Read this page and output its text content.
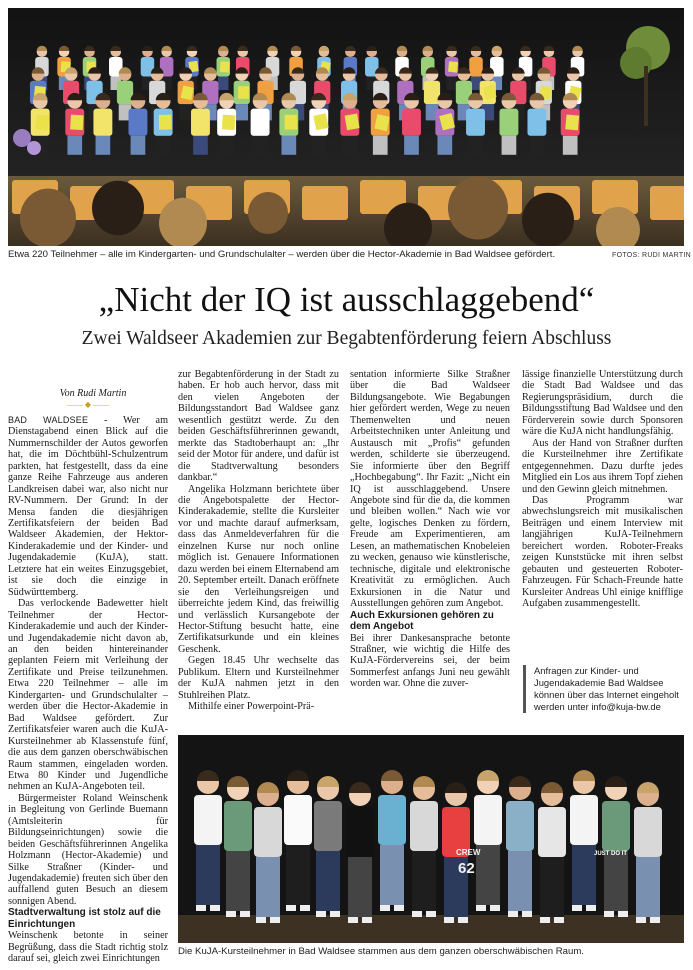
Etwa 220 Teilnehmer – alle im Kindergarten- und Grundschulalter – werden über die Hector-Akademie in Bad Waldsee gefördert.	FOTOS: RUDI MARTIN
„Nicht der IQ ist ausschlaggebend“
Zwei Waldseer Akademien zur Begabtenförderung feiern Abschluss

Von Rudi Martin

—— ◆ ——

BAD WALDSEE - Wer am Dienstagabend einen Blick auf die Nummernschilder der Autos geworfen hat, die im Döchtbühl-Schulzentrum parkten, hat festgestellt, dass da eine ganze Reihe Fahrzeuge aus anderen Landkreisen dabei war, also nicht nur RV-Nummern. Der Grund: In der Mensa fanden die diesjährigen Zertifikatsfeiern der beiden Bad Waldseer Akademien, der Hektor-Kinderakademie und der Kinder- und Jugendakademie (KuJA), statt. Letztere hat ein weites Einzugsgebiet, ist sie doch die einzige in Südwürttemberg.

Das verlockende Badewetter hielt Teilnehmer der Hector-Kinderakademie und auch der Kinder- und Jugendakademie nicht davon ab, an den beiden hintereinander geplanten Feiern mit Verleihung der Zertifikate und Preise teilzunehmen. Etwa 220 Teilnehmer – alle im Kindergarten- und Grundschulalter – werden über die Hector-Akademie in Bad Waldsee gefördert. Zur Zertifikatsfeier waren auch die KuJA-Kursteilnehmer ab Klassenstufe fünf, die aus dem ganzen oberschwäbischen Raum stammen, eingeladen worden. Etwa 80 Kinder und Jugendliche nehmen an KuJA-Angeboten teil.

Bürgermeister Roland Weinschenk in Begleitung von Gerlinde Buemann (Amtsleiterin für Bildungseinrichtungen) sowie die beiden Geschäftsführerinnen Angelika Holzmann (Hector-Akademie) und Silke Straßner (Kinder- und Jugendakademie) freuten sich über den auffallend guten Besuch an diesem sonnigen Abend.

Stadtverwaltung ist stolz auf die Einrichtungen

Weinschenk betonte in seiner Begrüßung, dass die Stadt richtig stolz darauf sei, gleich zwei Einrichtungen

zur Begabtenförderung in der Stadt zu haben. Er hob auch hervor, dass mit den vielen Angeboten der Bildungsstandort Bad Waldsee ganz wesentlich gestützt werde. Zu den beiden Geschäftsführerinnen gewandt, merkte das Stadtoberhaupt an: „Ihr seid der Motor für andere, und dafür ist die Stadtverwaltung besonders dankbar.“

Angelika Holzmann berichtete über die Angebotspalette der Hector-Kinderakademie, stellte die Kursleiter vor und machte darauf aufmerksam, dass das Anmeldeverfahren für die einzelnen Kurse nur noch online möglich ist. Genauere Informationen dazu werden bei einem Elternabend am 20. September erteilt. Danach eröffnete sie den Verleihungsreigen und überreichte jedem Kind, das freiwillig und verlässlich Kursangebote der Hector-Stiftung besucht hatte, eine Zertifikatsurkunde und ein kleines Geschenk.

Gegen 18.45 Uhr wechselte das Publikum. Eltern und Kursteilnehmer der KuJA nahmen jetzt in den Stuhlreihen Platz.

Mithilfe einer Powerpoint-Prä-

sentation informierte Silke Straßner über die Bad Waldseer Bildungsangebote. Wie Begabungen hier gefördert werden, Wege zu neuen Themenwelten und neuen Arbeitstechniken unter Anleitung und Austausch mit „Profis“ gefunden werden, schilderte sie überzeugend. Sie informierte über den Begriff „Hochbegabung“. Ihr Fazit: „Nicht ein IQ ist ausschlaggebend. Unsere Angebote sind für die da, die kommen und bleiben wollen.“ Nach wie vor gelte, logisches Denken zu fördern, Freude am Experimentieren, am Lesen, an mathematischen Knobeleien zu wecken, genauso wie künstlerische, technische, digitale und elektronische Kreativität zu ermöglichen. Auch Exkursionen in die Natur und Ausstellungen gehören zum Angebot.

Auch Exkursionen gehören zu dem Angebot

Bei ihrer Dankesansprache betonte Straßner, wie wichtig die Hilfe des KuJA-Fördervereins sei, der beim Sommerfest anfangs Juni neu gewählt worden war. Ohne die zuver-

lässige finanzielle Unterstützung durch die Stadt Bad Waldsee und das Regierungspräsidium, durch die Bildungsstiftung Bad Waldsee und den Förderverein sowie durch Sponsoren wäre die KuJA nicht handlungsfähig.

Aus der Hand von Straßner durften die Kursteilnehmer ihre Zertifikate entgegennehmen. Dazu durfte jedes Mitglied ein Los aus ihrem Topf ziehen und den Gewinn gleich mitnehmen.

Das Programm war abwechslungsreich mit musikalischen Beiträgen und einem Interview mit langjährigen KuJA-Teilnehmern bereichert worden. Roboter-Freaks zeigen Kunststücke mit ihren selbst gebauten und gesteuerten Roboter-Fahrzeugen. Für Schach-Freunde hatte Kursleiter Andreas Uhl einige knifflige Aufgaben zusammengestellt.

Anfragen zur Kinder- und Jugendakademie Bad Waldsee können über das Internet eingeholt werden unter info@kuja-bw.de
CREW
62
JUST DO IT
Die KuJA-Kursteilnehmer in Bad Waldsee stammen aus dem ganzen oberschwäbischen Raum.
